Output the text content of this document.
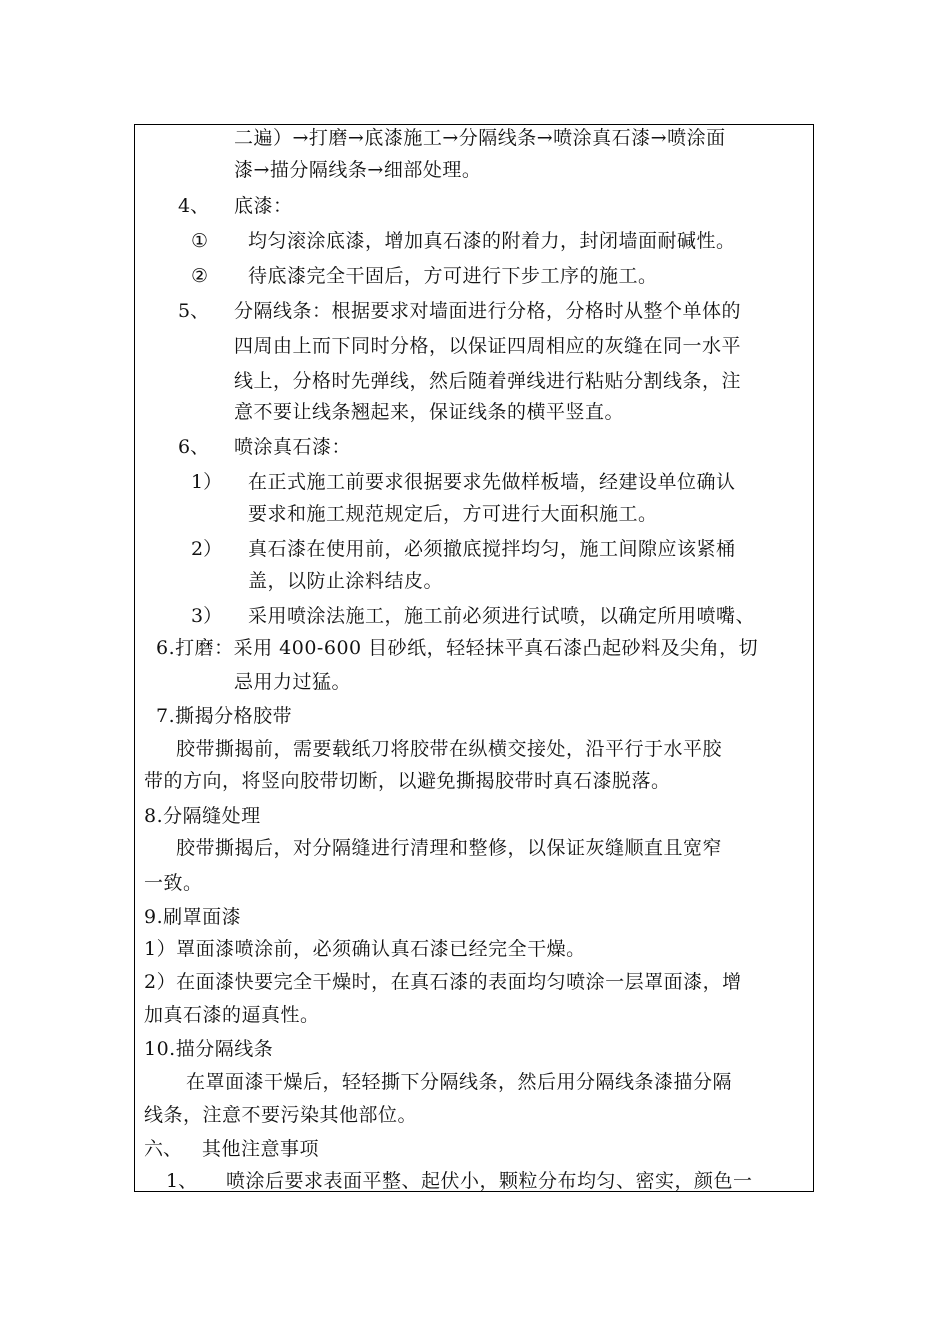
二遍）→打磨→底漆施工→分隔线条→喷涂真石漆→喷涂面
漆→描分隔线条→细部处理。
4、 底漆：
① 均匀滚涂底漆，增加真石漆的附着力，封闭墙面耐碱性。
② 待底漆完全干固后，方可进行下步工序的施工。
5、 分隔线条：根据要求对墙面进行分格，分格时从整个单体的
四周由上而下同时分格，以保证四周相应的灰缝在同一水平
线上，分格时先弹线，然后随着弹线进行粘贴分割线条，注
意不要让线条翘起来，保证线条的横平竖直。
6、 喷涂真石漆：
1） 在正式施工前要求很据要求先做样板墙，经建设单位确认
要求和施工规范规定后，方可进行大面积施工。
2） 真石漆在使用前，必须撤底搅拌均匀，施工间隙应该紧桶
盖，以防止涂料结皮。
3） 采用喷涂法施工，施工前必须进行试喷，以确定所用喷嘴、
6.打磨：采用 400-600 目砂纸，轻轻抹平真石漆凸起砂料及尖角，切
忌用力过猛。
7.撕揭分格胶带
胶带撕揭前，需要载纸刀将胶带在纵横交接处，沿平行于水平胶
带的方向，将竖向胶带切断，以避免撕揭胶带时真石漆脱落。
8.分隔缝处理
胶带撕揭后，对分隔缝进行清理和整修，以保证灰缝顺直且宽窄
一致。
9.刷罩面漆
1）罩面漆喷涂前，必须确认真石漆已经完全干燥。
2）在面漆快要完全干燥时，在真石漆的表面均匀喷涂一层罩面漆，增
加真石漆的逼真性。
10.描分隔线条
在罩面漆干燥后，轻轻撕下分隔线条，然后用分隔线条漆描分隔
线条，注意不要污染其他部位。
六、 其他注意事项
1、 喷涂后要求表面平整、起伏小，颗粒分布均匀、密实，颜色一
